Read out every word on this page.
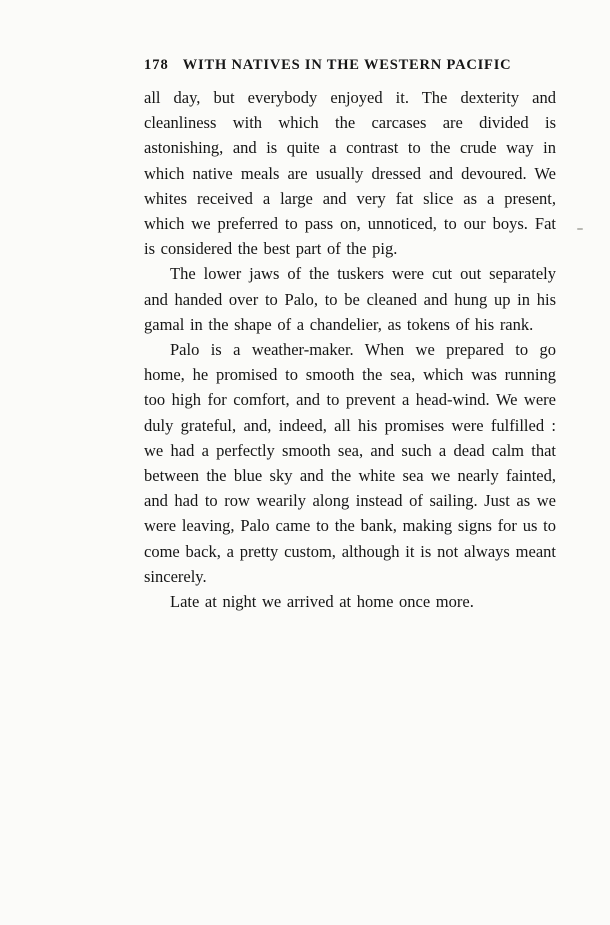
178 WITH NATIVES IN THE WESTERN PACIFIC

all day, but everybody enjoyed it. The dexterity and cleanliness with which the carcases are divided is astonishing, and is quite a contrast to the crude way in which native meals are usually dressed and devoured. We whites received a large and very fat slice as a present, which we preferred to pass on, unnoticed, to our boys. Fat is considered the best part of the pig.

The lower jaws of the tuskers were cut out separately and handed over to Palo, to be cleaned and hung up in his gamal in the shape of a chandelier, as tokens of his rank.

Palo is a weather-maker. When we prepared to go home, he promised to smooth the sea, which was running too high for comfort, and to prevent a head-wind. We were duly grateful, and, indeed, all his promises were fulfilled : we had a perfectly smooth sea, and such a dead calm that between the blue sky and the white sea we nearly fainted, and had to row wearily along instead of sailing. Just as we were leaving, Palo came to the bank, making signs for us to come back, a pretty custom, although it is not always meant sincerely.

Late at night we arrived at home once more.
